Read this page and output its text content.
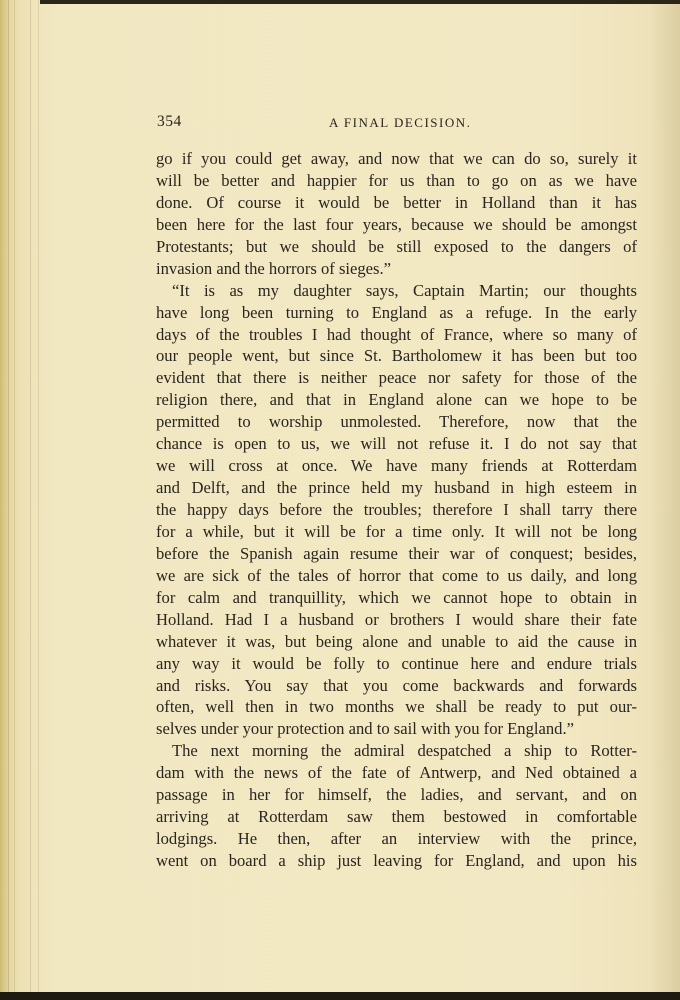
354	A FINAL DECISION.
go if you could get away, and now that we can do so, surely it
will be better and happier for us than to go on as we have
done. Of course it would be better in Holland than it has
been here for the last four years, because we should be amongst
Protestants; but we should be still exposed to the dangers of
invasion and the horrors of sieges.”
“It is as my daughter says, Captain Martin; our thoughts
have long been turning to England as a refuge. In the early
days of the troubles I had thought of France, where so many of
our people went, but since St. Bartholomew it has been but too
evident that there is neither peace nor safety for those of the
religion there, and that in England alone can we hope to be
permitted to worship unmolested. Therefore, now that the
chance is open to us, we will not refuse it. I do not say that
we will cross at once. We have many friends at Rotterdam
and Delft, and the prince held my husband in high esteem in
the happy days before the troubles; therefore I shall tarry there
for a while, but it will be for a time only. It will not be long
before the Spanish again resume their war of conquest; besides,
we are sick of the tales of horror that come to us daily, and long
for calm and tranquillity, which we cannot hope to obtain in
Holland. Had I a husband or brothers I would share their fate
whatever it was, but being alone and unable to aid the cause in
any way it would be folly to continue here and endure trials
and risks. You say that you come backwards and forwards
often, well then in two months we shall be ready to put our-
selves under your protection and to sail with you for England.”
The next morning the admiral despatched a ship to Rotter-
dam with the news of the fate of Antwerp, and Ned obtained a
passage in her for himself, the ladies, and servant, and on
arriving at Rotterdam saw them bestowed in comfortable
lodgings. He then, after an interview with the prince,
went on board a ship just leaving for England, and upon his
